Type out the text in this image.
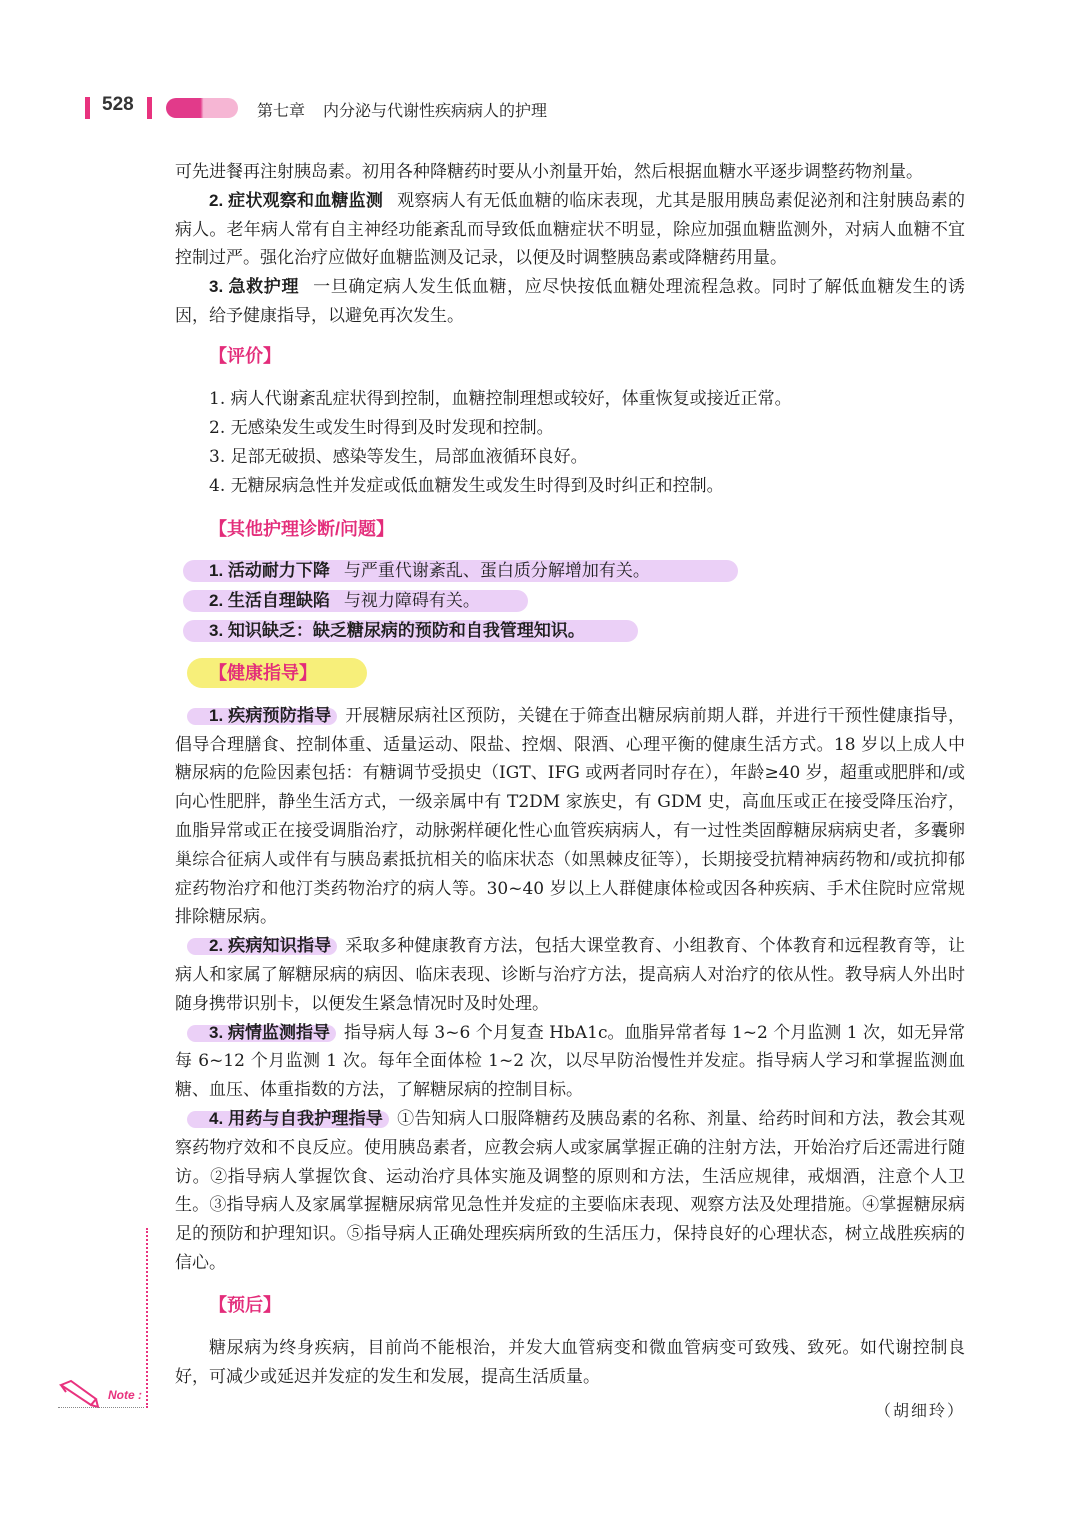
528	第七章 内分泌与代谢性疾病病人的护理

可先进餐再注射胰岛素。初用各种降糖药时要从小剂量开始，然后根据血糖水平逐步调整药物剂量。

2. 症状观察和血糖监测 观察病人有无低血糖的临床表现，尤其是服用胰岛素促泌剂和注射胰岛素的病人。老年病人常有自主神经功能紊乱而导致低血糖症状不明显，除应加强血糖监测外，对病人血糖不宜控制过严。强化治疗应做好血糖监测及记录，以便及时调整胰岛素或降糖药用量。

3. 急救护理 一旦确定病人发生低血糖，应尽快按低血糖处理流程急救。同时了解低血糖发生的诱因，给予健康指导，以避免再次发生。

【评价】

1. 病人代谢紊乱症状得到控制，血糖控制理想或较好，体重恢复或接近正常。

2. 无感染发生或发生时得到及时发现和控制。

3. 足部无破损、感染等发生，局部血液循环良好。

4. 无糖尿病急性并发症或低血糖发生或发生时得到及时纠正和控制。

【其他护理诊断/问题】

1. 活动耐力下降 与严重代谢紊乱、蛋白质分解增加有关。

2. 生活自理缺陷 与视力障碍有关。

3. 知识缺乏：缺乏糖尿病的预防和自我管理知识。

【健康指导】

1. 疾病预防指导 开展糖尿病社区预防，关键在于筛查出糖尿病前期人群，并进行干预性健康指导，倡导合理膳食、控制体重、适量运动、限盐、控烟、限酒、心理平衡的健康生活方式。18 岁以上成人中糖尿病的危险因素包括：有糖调节受损史（IGT、IFG 或两者同时存在），年龄≥40 岁，超重或肥胖和/或向心性肥胖，静坐生活方式，一级亲属中有 T2DM 家族史，有 GDM 史，高血压或正在接受降压治疗，血脂异常或正在接受调脂治疗，动脉粥样硬化性心血管疾病病人，有一过性类固醇糖尿病病史者，多囊卵巢综合征病人或伴有与胰岛素抵抗相关的临床状态（如黑棘皮征等），长期接受抗精神病药物和/或抗抑郁症药物治疗和他汀类药物治疗的病人等。30~40 岁以上人群健康体检或因各种疾病、手术住院时应常规排除糖尿病。

2. 疾病知识指导 采取多种健康教育方法，包括大课堂教育、小组教育、个体教育和远程教育等，让病人和家属了解糖尿病的病因、临床表现、诊断与治疗方法，提高病人对治疗的依从性。教导病人外出时随身携带识别卡，以便发生紧急情况时及时处理。

3. 病情监测指导 指导病人每 3~6 个月复查 HbA1c。血脂异常者每 1~2 个月监测 1 次，如无异常每 6~12 个月监测 1 次。每年全面体检 1~2 次，以尽早防治慢性并发症。指导病人学习和掌握监测血糖、血压、体重指数的方法，了解糖尿病的控制目标。

4. 用药与自我护理指导 ①告知病人口服降糖药及胰岛素的名称、剂量、给药时间和方法，教会其观察药物疗效和不良反应。使用胰岛素者，应教会病人或家属掌握正确的注射方法，开始治疗后还需进行随访。②指导病人掌握饮食、运动治疗具体实施及调整的原则和方法，生活应规律，戒烟酒，注意个人卫生。③指导病人及家属掌握糖尿病常见急性并发症的主要临床表现、观察方法及处理措施。④掌握糖尿病足的预防和护理知识。⑤指导病人正确处理疾病所致的生活压力，保持良好的心理状态，树立战胜疾病的信心。

【预后】

糖尿病为终身疾病，目前尚不能根治，并发大血管病变和微血管病变可致残、致死。如代谢控制良好，可减少或延迟并发症的发生和发展，提高生活质量。

（胡细玲）

Note :
